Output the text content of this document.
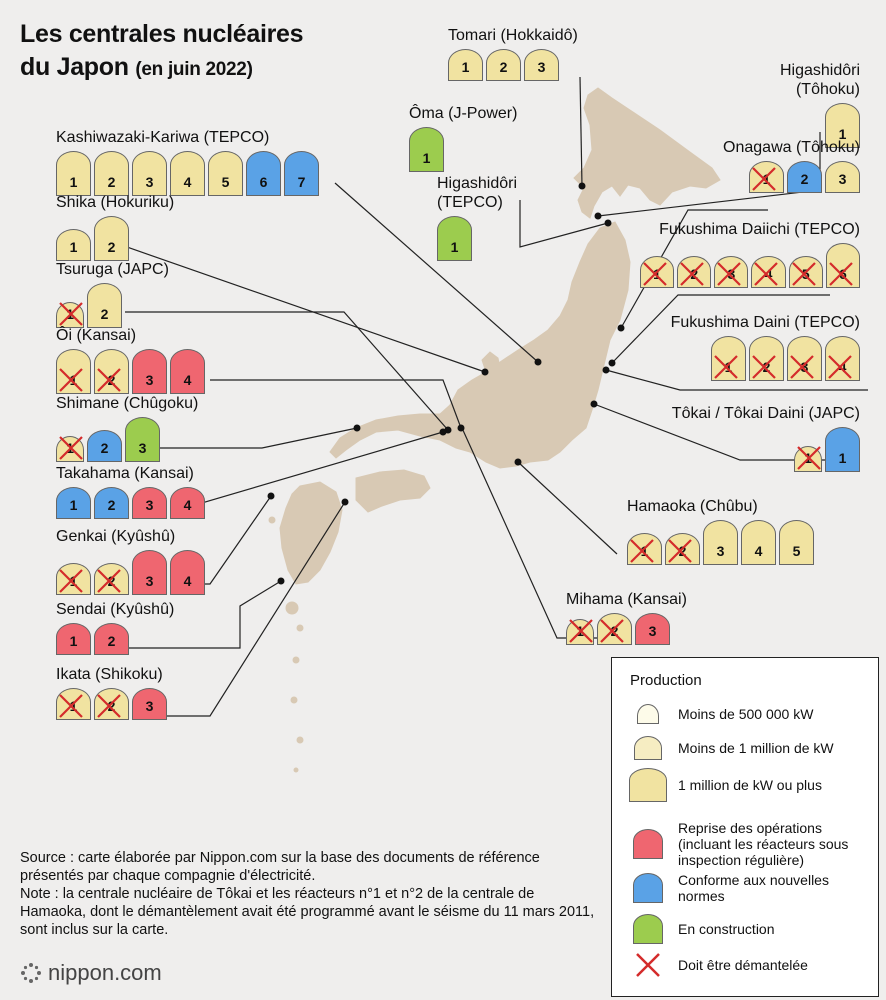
Les centrales nucléaires
du Japon (en juin 2022)
Kashiwazaki-Kariwa (TEPCO)
1 2 3 4 5 6 7
Shika (Hokuriku)
1 2
Tsuruga (JAPC)
1 2
Ôi (Kansai)
1 2 3 4
Shimane (Chûgoku)
1 2 3
Takahama (Kansai)
1 2 3 4
Genkai (Kyûshû)
1 2 3 4
Sendai (Kyûshû)
1 2
Ikata (Shikoku)
1 2 3
Tomari (Hokkaidô)
1 2 3
Ôma (J-Power)
1
Higashidôri (TEPCO)
1
Higashidôri (Tôhoku)
1
Onagawa (Tôhoku)
1 2 3
Fukushima Daiichi (TEPCO)
1 2 3 4 5 6
Fukushima Daini (TEPCO)
1 2 3 4
Tôkai / Tôkai Daini (JAPC)
1 1
Hamaoka (Chûbu)
1 2 3 4 5
Mihama (Kansai)
1 2 3
Production
Moins de 500 000 kW
Moins de 1 million de kW
1 million de kW ou plus
Reprise des opérations (incluant les réacteurs sous inspection régulière)
Conforme aux nouvelles normes
En construction
Doit être démantelée
Source : carte élaborée par Nippon.com sur la base des documents de référence présentés par chaque compagnie d'électricité.
Note : la centrale nucléaire de Tôkai et les réacteurs n°1 et n°2 de la centrale de Hamaoka, dont le démantèlement avait été programmé avant le séisme du 11 mars 2011, sont inclus sur la carte.
nippon.com
